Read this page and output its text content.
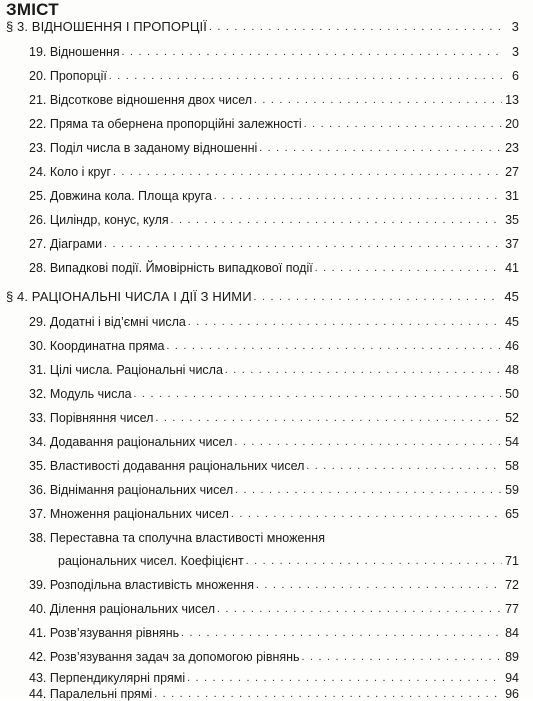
ЗМІСТ
§ 3. ВІДНОШЕННЯ І ПРОПОРЦІЇ . . .	3
19. Відношення . . .	3
20. Пропорції . . .	6
21. Відсоткове відношення двох чисел . . .	13
22. Пряма та обернена пропорційні залежності . . .	20
23. Поділ числа в заданому відношенні . . .	23
24. Коло і круг . . .	27
25. Довжина кола. Площа круга . . .	31
26. Циліндр, конус, куля . . .	35
27. Діаграми . . .	37
28. Випадкові події. Ймовірність випадкової події . . .	41
§ 4. РАЦІОНАЛЬНІ ЧИСЛА І ДІЇ З НИМИ . . .	45
29. Додатні і від’ємні числа . . .	45
30. Координатна пряма . . .	46
31. Цілі числа. Раціональні числа . . .	48
32. Модуль числа . . .	50
33. Порівняння чисел . . .	52
34. Додавання раціональних чисел . . .	54
35. Властивості додавання раціональних чисел . . .	58
36. Віднімання раціональних чисел . . .	59
37. Множення раціональних чисел . . .	65
38. Переставна та сполучна властивості множення
раціональних чисел. Коефіцієнт . . .	71
39. Розподільна властивість множення . . .	72
40. Ділення раціональних чисел . . .	77
41. Розв’язування рівнянь . . .	84
42. Розв’язування задач за допомогою рівнянь . . .	89
43. Перпендикулярні прямі . . .	94
44. Паралельні прямі . . .	96
